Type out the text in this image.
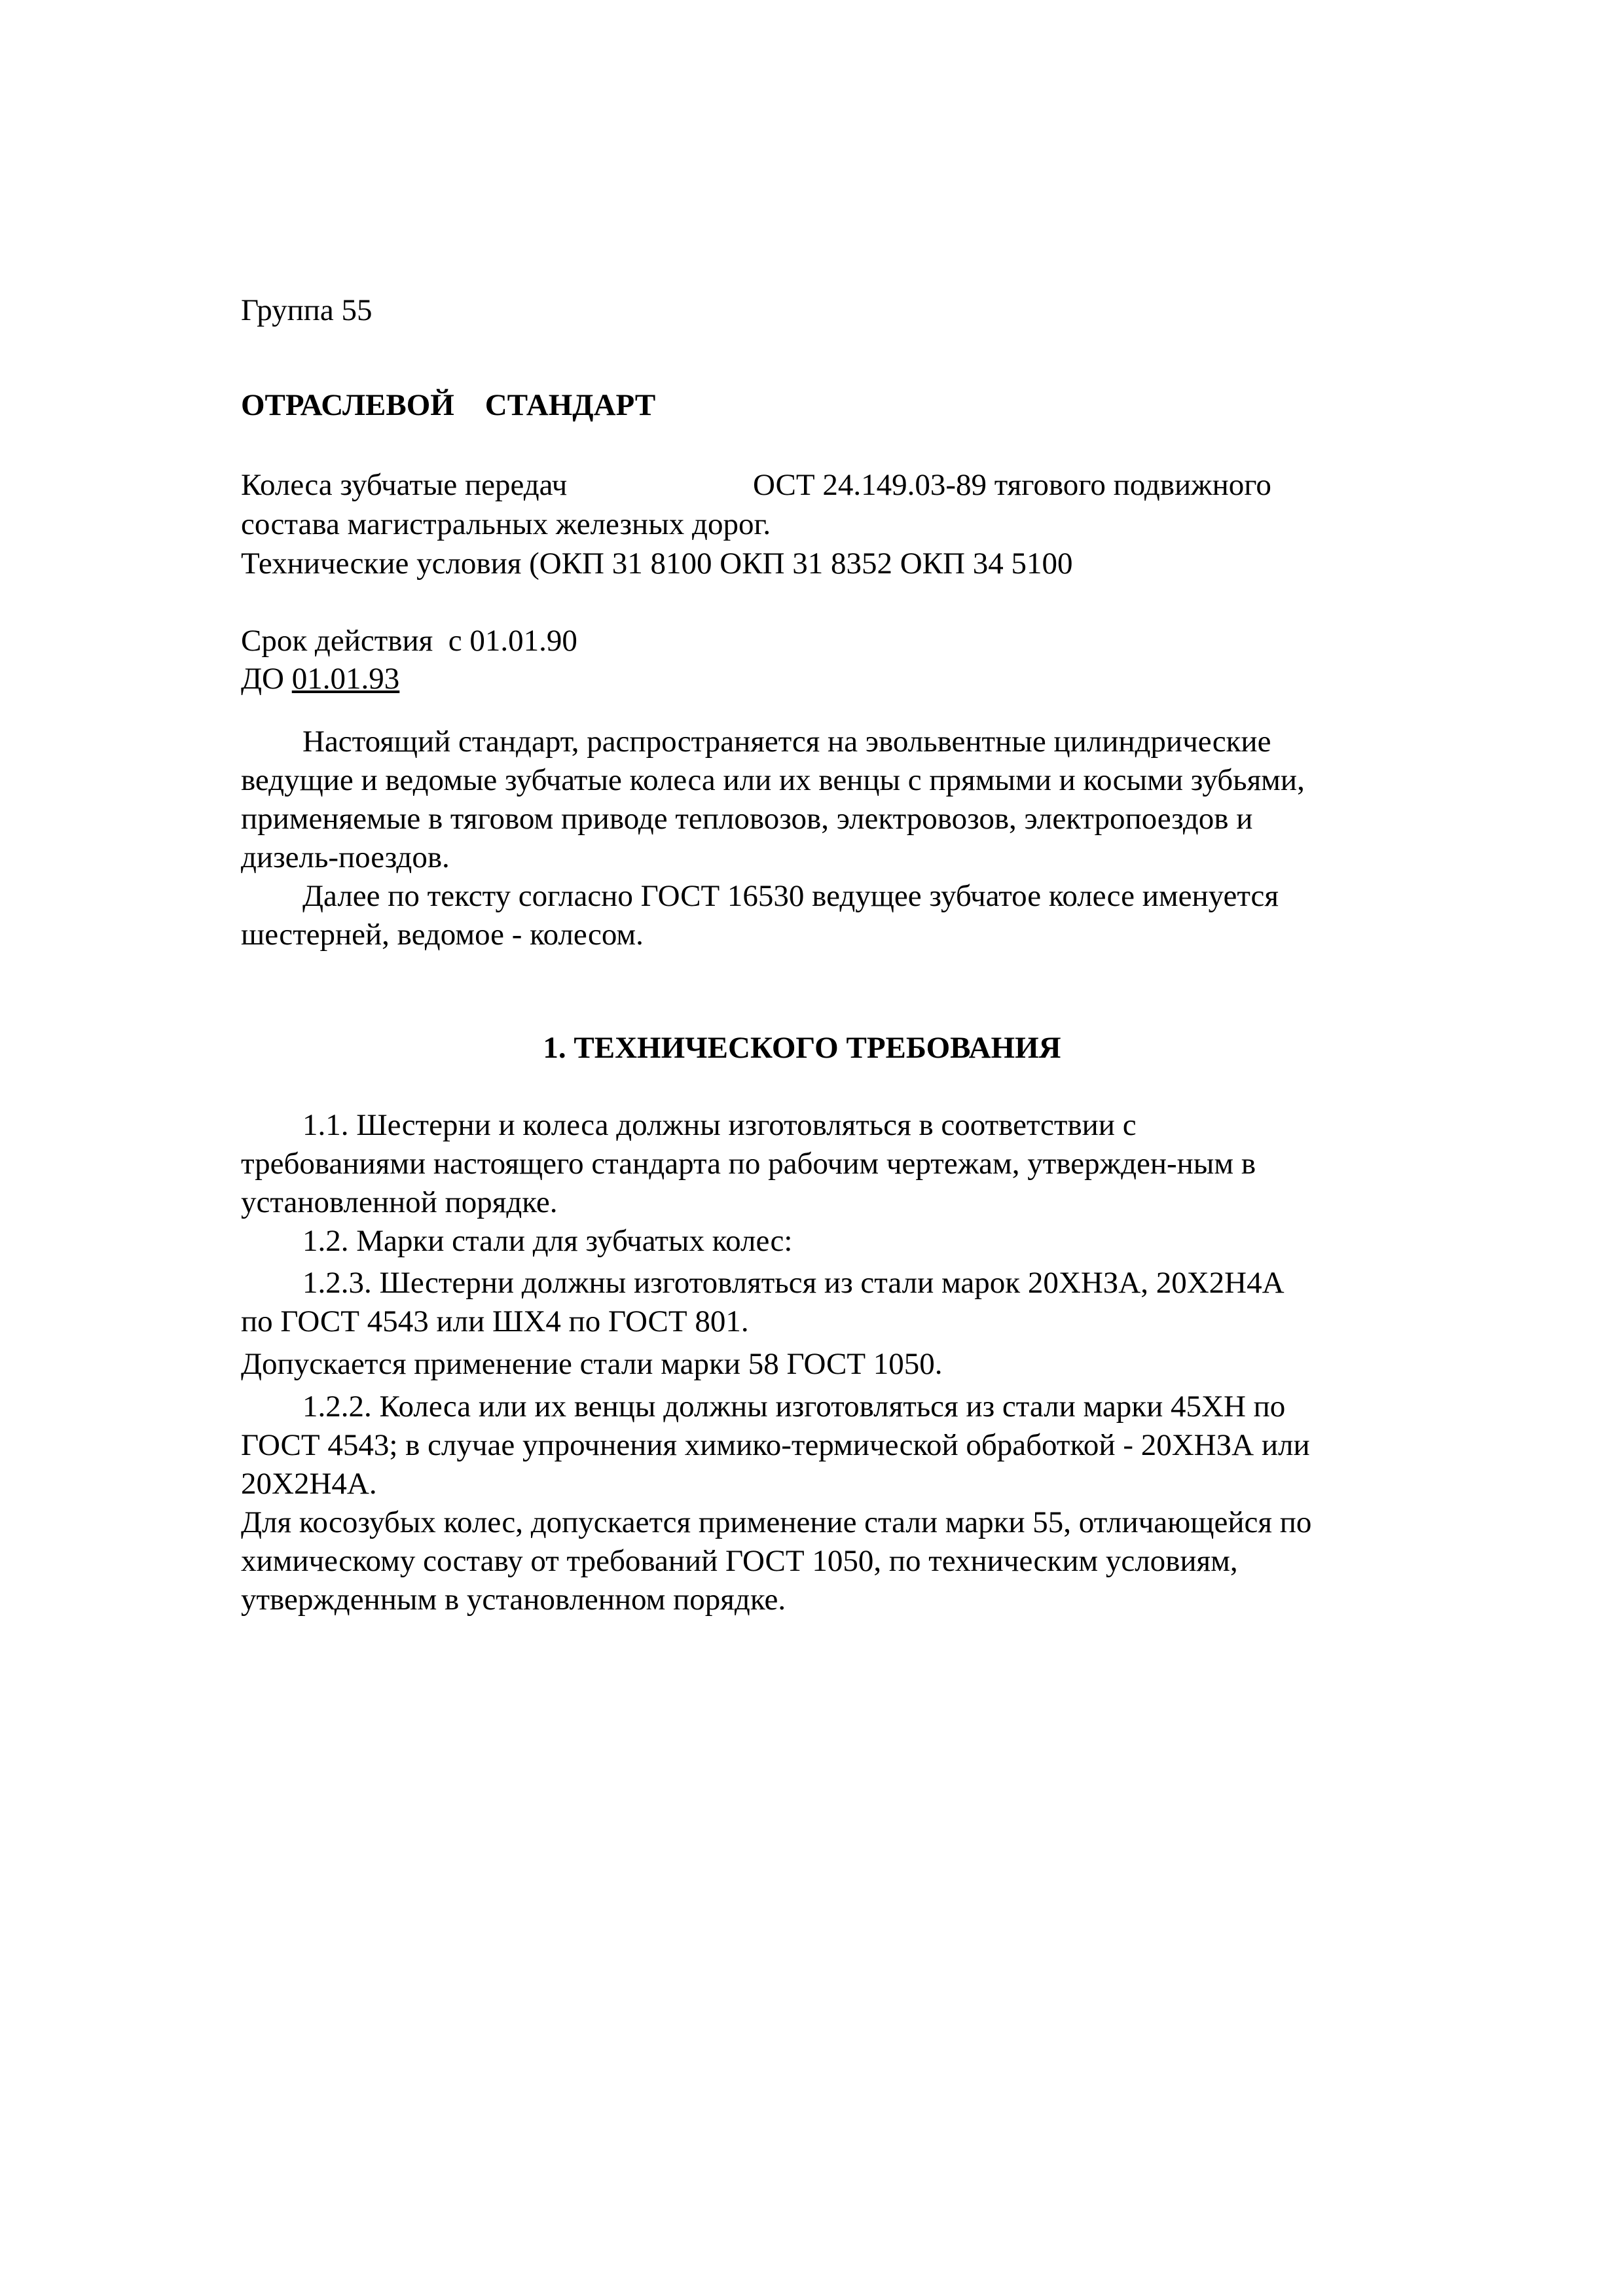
Группа 55
ОТРАСЛЕВОЙ    СТАНДАРТ
Колеса зубчатые передач	ОСТ 24.149.03-89 тягового подвижного
состава магистральных железных дорог.
Технические условия (ОКП 31 8100 ОКП 31 8352 ОКП 34 5100
Срок действия  с 01.01.90
ДО 01.01.93
Настоящий стандарт, распространяется на эвольвентные цилиндрические
ведущие и ведомые зубчатые колеса или их венцы с прямыми и косыми зубьями,
применяемые в тяговом приводе тепловозов, электровозов, электропоездов и
дизель-поездов.
Далее по тексту согласно ГОСТ 16530 ведущее зубчатое колесе именуется
шестерней, ведомое - колесом.
1. ТЕХНИЧЕСКОГО ТРЕБОВАНИЯ
1.1. Шестерни и колеса должны изготовляться в соответствии с
требованиями настоящего стандарта по рабочим чертежам, утвержден-ным в
установленной порядке.
1.2. Марки стали для зубчатых колес:
1.2.3. Шестерни должны изготовляться из стали марок 20ХНЗА, 20Х2Н4А
по ГОСТ 4543 или ШХ4 по ГОСТ 801.
Допускается применение стали марки 58 ГОСТ 1050.
1.2.2. Колеса или их венцы должны изготовляться из стали марки 45ХН по
ГОСТ 4543; в случае упрочнения химико-термической обработкой - 20ХНЗА или
20Х2Н4А.
Для косозубых колес, допускается применение стали марки 55, отличающейся по
химическому составу от требований ГОСТ 1050, по техническим условиям,
утвержденным в установленном порядке.
